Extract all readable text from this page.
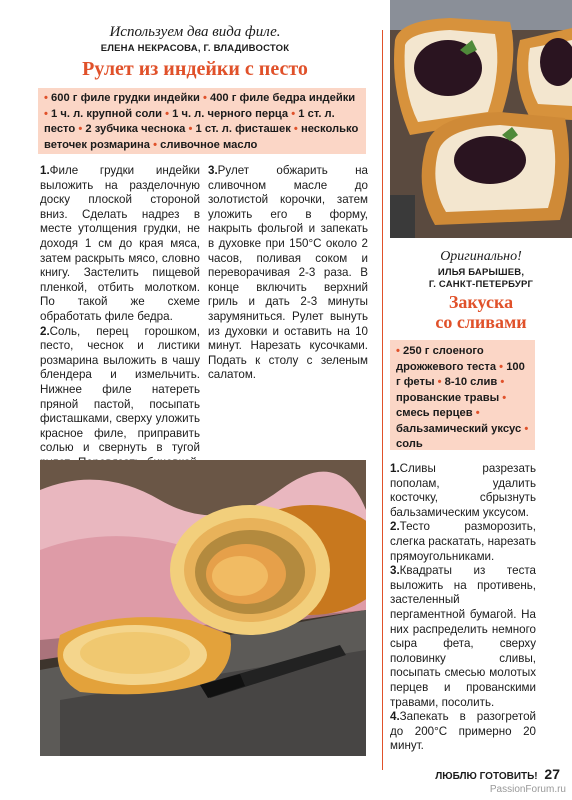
Используем два вида филе.
ЕЛЕНА НЕКРАСОВА, Г. ВЛАДИВОСТОК
Рулет из индейки с песто
• 600 г филе грудки индейки • 400 г филе бедра индейки • 1 ч. л. крупной соли • 1 ч. л. черного перца • 1 ст. л. песто • 2 зубчика чеснока • 1 ст. л. фисташек • несколько веточек розмарина • сливочное масло

1.Филе грудки индейки выложить на разделочную доску плоской стороной вниз. Сделать надрез в месте утолщения грудки, не доходя 1 см до края мяса, затем раскрыть мясо, словно книгу. Застелить пищевой пленкой, отбить молотком. По такой же схеме обработать филе бедра.

2.Соль, перец горошком, песто, чеснок и листики розмарина выложить в чашу блендера и измельчить. Нижнее филе натереть пряной пастой, посыпать фисташками, сверху уложить красное филе, приправить солью и свернуть в тугой

3.Рулет обжарить на сливочном масле до золотистой корочки, затем уложить его в форму, накрыть фольгой и запекать в духовке при 150°C около 2 часов, поливая соком и переворачивая 2-3 раза. В конце включить верхний гриль и дать 2-3 минуты зарумяниться. Рулет вынуть из духовки и оставить на 10 минут. Нарезать кусочками. Подать к столу с зеленым салатом.

Оригинально!
ИЛЬЯ БАРЫШЕВ,
Г. САНКТ-ПЕТЕРБУРГ
Закуска
со сливами
• 250 г слоеного дрожжевого теста • 100 г феты • 8-10 слив • прованские травы • смесь перцев • бальзамический уксус • соль

1.Сливы разрезать пополам, удалить косточку, сбрызнуть бальзамическим уксусом.

2.Тесто разморозить, слегка раскатать, нарезать прямоугольниками.

3.Квадраты из теста выложить на противень, застеленный пергаментной бумагой. На них распределить немного сыра фета, сверху половинку сливы, посыпать смесью молотых перцев и прованскими травами, посолить.

4.Запекать в разогретой до 200°C примерно 20 минут.

ЛЮБЛЮ ГОТОВИТЬ! 27
PassionForum.ru
